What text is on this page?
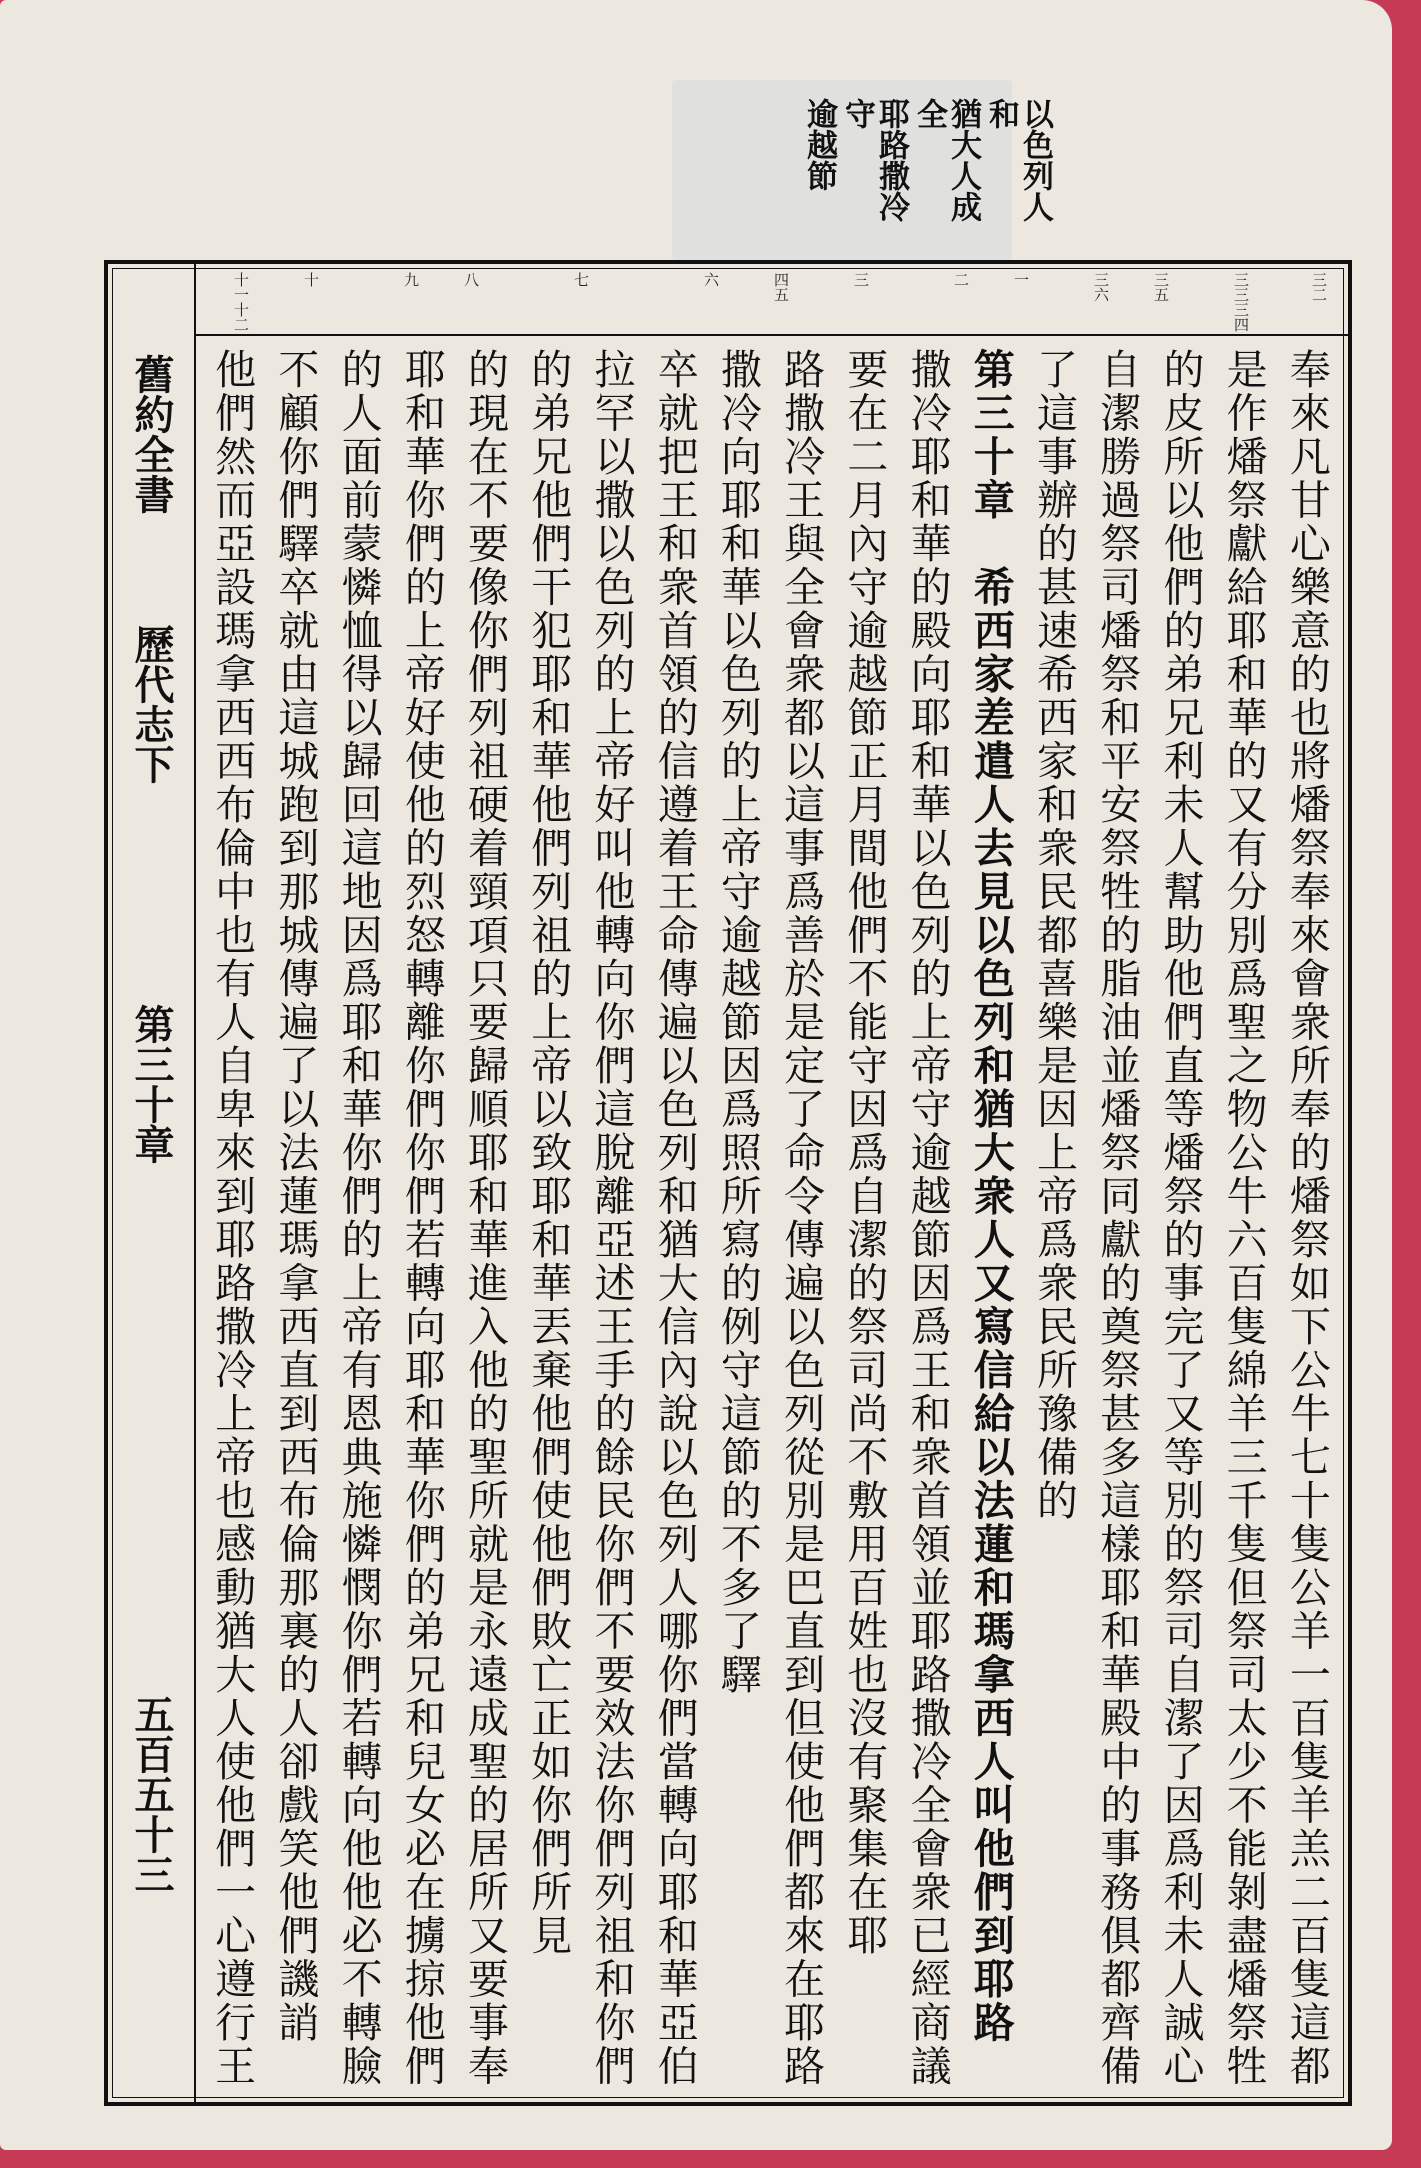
以色列人和
猶大人成全
耶路撒冷守
逾越節
三二
三三三四
三五
三六
一
二
三
四五
六
七
八
九
十
十一十二
舊約全書
歷代志下
第三十章
五百五十三	奉來凡甘心樂意的也將燔祭奉來會衆所奉的燔祭如下公牛七十隻公羊一百隻羊羔二百隻這都
是作燔祭獻給耶和華的又有分別爲聖之物公牛六百隻綿羊三千隻但祭司太少不能剝盡燔祭牲
的皮所以他們的弟兄利未人幫助他們直等燔祭的事完了又等別的祭司自潔了因爲利未人誠心
自潔勝過祭司燔祭和平安祭牲的脂油並燔祭同獻的奠祭甚多這樣耶和華殿中的事務俱都齊備
了這事辦的甚速希西家和衆民都喜樂是因上帝爲衆民所豫備的
第三十章　希西家差遣人去見以色列和猶大衆人又寫信給以法蓮和瑪拿西人叫他們到耶路
撒冷耶和華的殿向耶和華以色列的上帝守逾越節因爲王和衆首領並耶路撒冷全會衆已經商議
要在二月內守逾越節正月間他們不能守因爲自潔的祭司尚不敷用百姓也沒有聚集在耶
路撒冷王與全會衆都以這事爲善於是定了命令傳遍以色列從別是巴直到但使他們都來在耶路
撒冷向耶和華以色列的上帝守逾越節因爲照所寫的例守這節的不多了驛
卒就把王和衆首領的信遵着王命傳遍以色列和猶大信內說以色列人哪你們當轉向耶和華亞伯
拉罕以撒以色列的上帝好叫他轉向你們這脫離亞述王手的餘民你們不要效法你們列祖和你們
的弟兄他們干犯耶和華他們列祖的上帝以致耶和華丟棄他們使他們敗亡正如你們所見
的現在不要像你們列祖硬着頸項只要歸順耶和華進入他的聖所就是永遠成聖的居所又要事奉
耶和華你們的上帝好使他的烈怒轉離你們你們若轉向耶和華你們的弟兄和兒女必在擄掠他們
的人面前蒙憐恤得以歸回這地因爲耶和華你們的上帝有恩典施憐憫你們若轉向他他必不轉臉
不顧你們驛卒就由這城跑到那城傳遍了以法蓮瑪拿西直到西布倫那裏的人卻戲笑他們譏誚
他們然而亞設瑪拿西西布倫中也有人自卑來到耶路撒冷上帝也感動猶大人使他們一心遵行王
